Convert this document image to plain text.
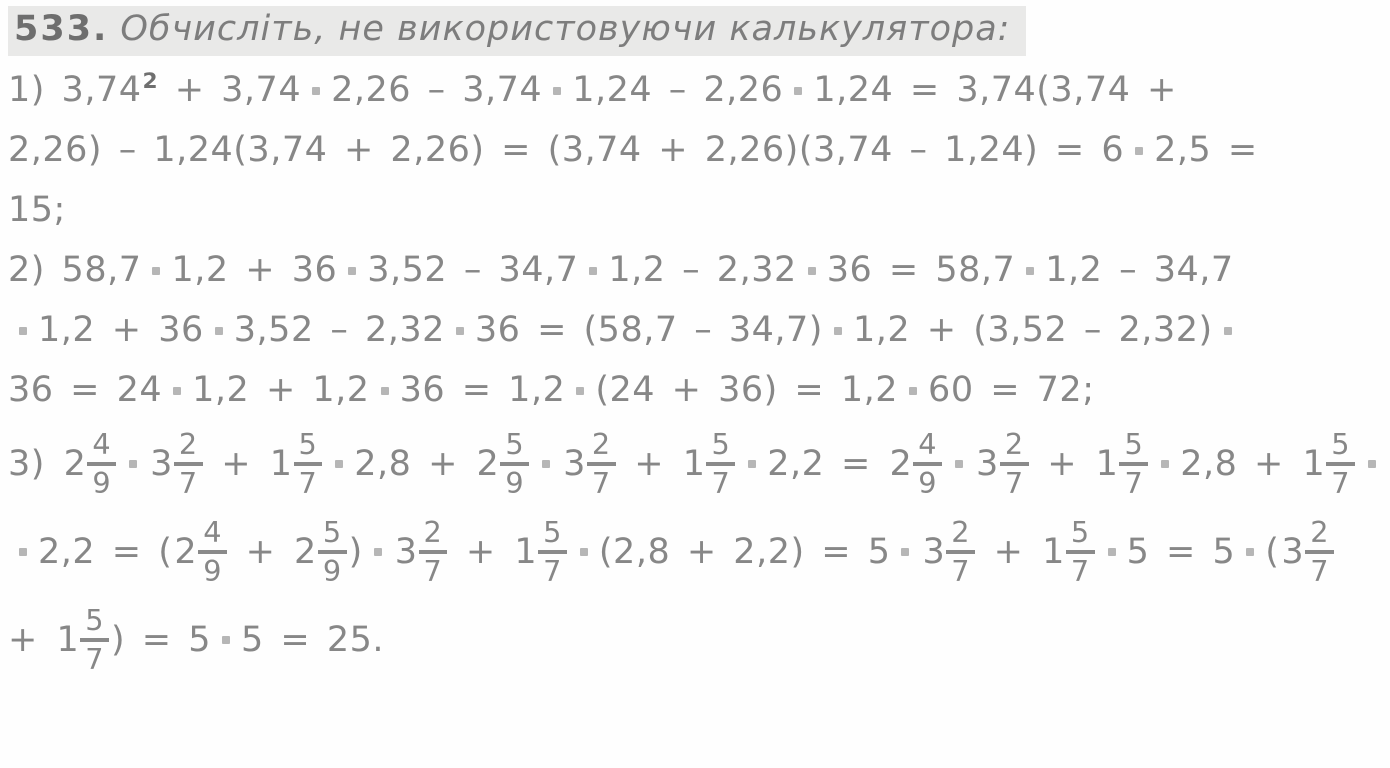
533. Обчисліть, не використовуючи калькулятора:
1) $3,74^2 + 3,74$ 2,26 – 3,74 1,24 – 2,26 1,24 = 3,74(3,74 +
2,26) – 1,24(3,74 + 2,26) = (3,74 + 2,26)(3,74 – 1,24) = 6 2,5 =
15;
2) 58,7 1,2 + 36 3,52 – 34,7 1,2 – 2,32 36 = 58,7 1,2 – 34,7
1,2 + 36 3,52 – 2,32 36 = (58,7 – 34,7) 1,2 + (3,52 – 2,32)
36 = 24 1,2 + 1,2 36 = 1,2 (24 + 36) = 1,2 60 = 72;
3) $2 \frac{4}{9} 3 \frac{2}{7} + 1 \frac{5}{7} 2,8 + 2 \frac{5}{9} 3 \frac{2}{7} + 1 \frac{5}{7} 2,2 = 2 \frac{4}{9} 3 \frac{2}{7} + 1 \frac{5}{7} 2,8 + 1 \frac{5}{7}$
2,2 = ( $2 \frac{4}{9} + 2 \frac{5}{9}$ ) $3 \frac{2}{7} + 1 \frac{5}{7} (2,8 + 2,2) = 5$ $3 \frac{2}{7} + 1 \frac{5}{7} 5 = 5$ ( $3 \frac{2}{7}$
+ $1 \frac{5}{7}$ ) = 5 5 = 25.
